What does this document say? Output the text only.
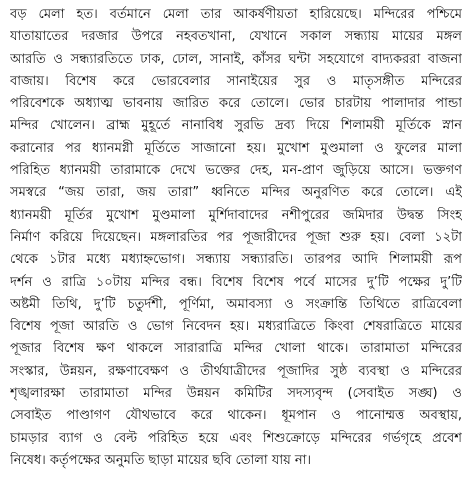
বড় মেলা হত। বর্তমানে মেলা তার আকর্ষণীয়তা হারিয়েছে। মন্দিরের পশ্চিমে
যাতায়াতের দরজার উপরে নহবতখানা, যেখানে সকাল সন্ধ্যায় মায়ের মঙ্গল
আরতি ও সন্ধ্যারতিতে ঢাক, ঢোল, সানাই, কাঁসর ঘন্টা সহযোগে বাদ্যকররা বাজনা
বাজায়। বিশেষ করে ভোরবেলার সানাইয়ের সুর ও মাতৃসঙ্গীত মন্দিরের
পরিবেশকে অধ্যাত্ম ভাবনায় জারিত করে তোলে। ভোর চারটায় পালাদার পান্ডা
মন্দির খোলেন। ব্রাহ্ম মুহূর্তে নানাবিধ সুরভি দ্রব্য দিয়ে শিলাময়ী মূর্তিকে স্নান
করানোর পর ধ্যানমগ্নী মূর্তিতে সাজানো হয়। মুখোশ মুণ্ডমালা ও ফুলের মালা
পরিহিত ধ্যানময়ী তারামাকে দেখে ভক্তের দেহ, মন-প্রাণ জুড়িয়ে আসে। ভক্তগণ
সমস্বরে “জয় তারা, জয় তারা” ধ্বনিতে মন্দির অনুরণিত করে তোলে। এই
ধ্যানময়ী মূর্তির মুখোশ মুণ্ডমালা মুর্শিদাবাদের নশীপুরের জমিদার উদ্বন্ত সিংহ
নির্মাণ করিয়ে দিয়েছেন। মঙ্গলারতির পর পূজারীদের পূজা শুরু হয়। বেলা ১২টা
থেকে ১টার মধ্যে মধ্যাহ্নভোগ। সন্ধ্যায় সন্ধ্যারতি। তারপর আদি শিলাময়ী রূপ
দর্শন ও রাত্রি ১০টায় মন্দির বন্ধ। বিশেষ বিশেষ পর্বে মাসের দু’টি পক্ষের দু’টি
অষ্টমী তিথি, দু’টি চতুর্দশী, পূর্ণিমা, অমাবস্যা ও সংক্রান্তি তিথিতে রাত্রিবেলা
বিশেষ পূজা আরতি ও ভোগ নিবেদন হয়। মধ্যরাত্রিতে কিংবা শেষরাত্রিতে মায়ের
পূজার বিশেষ ক্ষণ থাকলে সারারাত্রি মন্দির খোলা থাকে। তারামাতা মন্দিরের
সংস্কার, উন্নয়ন, রক্ষণাবেক্ষণ ও তীর্থযাত্রীদের পূজাদির সুষ্ঠ ব্যবস্থা ও মন্দিরের
শৃঙ্খলারক্ষা তারামাতা মন্দির উন্নয়ন কমিটির সদস্যবৃন্দ (সেবাইত সঙ্ঘ) ও
সেবাইত পাণ্ডাগণ যৌথভাবে করে থাকেন। ধূমপান ও পানোম্মত্ত অবস্থায়,
চামড়ার ব্যাগ ও বেল্ট পরিহিত হয়ে এবং শিশুক্রোড়ে মন্দিরের গর্ভগৃহে প্রবেশ
নিষেধ। কর্তৃপক্ষের অনুমতি ছাড়া মায়ের ছবি তোলা যায় না।
